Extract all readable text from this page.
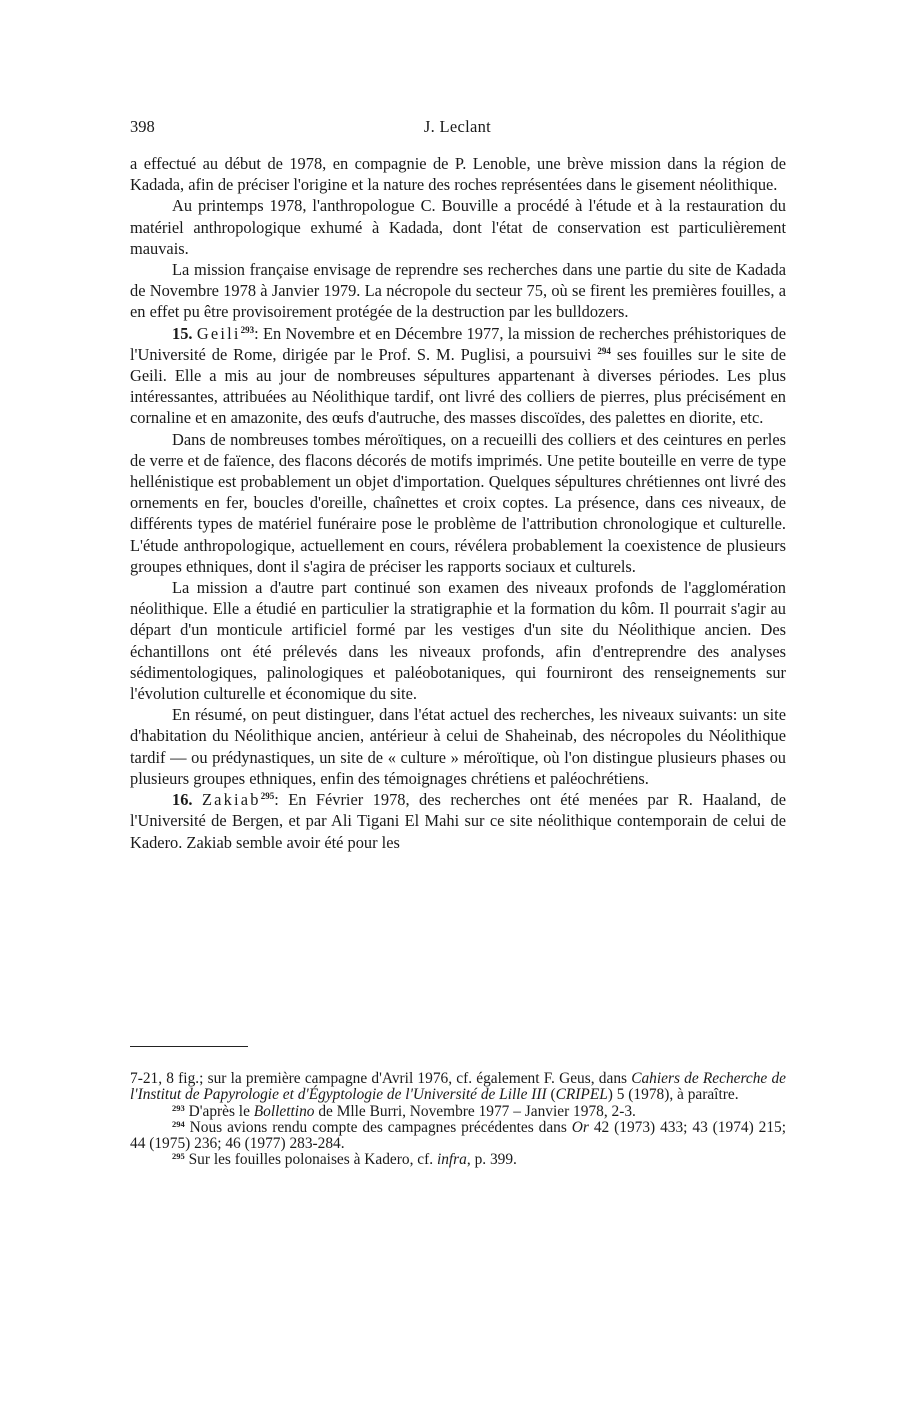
398	J. Leclant

a effectué au début de 1978, en compagnie de P. Lenoble, une brève mission dans la région de Kadada, afin de préciser l'origine et la nature des roches représentées dans le gisement néolithique.

Au printemps 1978, l'anthropologue C. Bouville a procédé à l'étude et à la restauration du matériel anthropologique exhumé à Kadada, dont l'état de conservation est particulièrement mauvais.

La mission française envisage de reprendre ses recherches dans une partie du site de Kadada de Novembre 1978 à Janvier 1979. La nécropole du secteur 75, où se firent les premières fouilles, a en effet pu être provisoirement protégée de la destruction par les bulldozers.

15. Geili$^{293}$: En Novembre et en Décembre 1977, la mission de recherches préhistoriques de l'Université de Rome, dirigée par le Prof. S. M. Puglisi, a poursuivi $^{294}$ ses fouilles sur le site de Geili. Elle a mis au jour de nombreuses sépultures appartenant à diverses périodes. Les plus intéressantes, attribuées au Néolithique tardif, ont livré des colliers de pierres, plus précisément en cornaline et en amazonite, des œufs d'autruche, des masses discoïdes, des palettes en diorite, etc.

Dans de nombreuses tombes méroïtiques, on a recueilli des colliers et des ceintures en perles de verre et de faïence, des flacons décorés de motifs imprimés. Une petite bouteille en verre de type hellénistique est probablement un objet d'importation. Quelques sépultures chrétiennes ont livré des ornements en fer, boucles d'oreille, chaînettes et croix coptes. La présence, dans ces niveaux, de différents types de matériel funéraire pose le problème de l'attribution chronologique et culturelle. L'étude anthropologique, actuellement en cours, révélera probablement la coexistence de plusieurs groupes ethniques, dont il s'agira de préciser les rapports sociaux et culturels.

La mission a d'autre part continué son examen des niveaux profonds de l'agglomération néolithique. Elle a étudié en particulier la stratigraphie et la formation du kôm. Il pourrait s'agir au départ d'un monticule artificiel formé par les vestiges d'un site du Néolithique ancien. Des échantillons ont été prélevés dans les niveaux profonds, afin d'entreprendre des analyses sédimentologiques, palinologiques et paléobotaniques, qui fourniront des renseignements sur l'évolution culturelle et économique du site.

En résumé, on peut distinguer, dans l'état actuel des recherches, les niveaux suivants: un site d'habitation du Néolithique ancien, antérieur à celui de Shaheinab, des nécropoles du Néolithique tardif — ou prédynastiques, un site de « culture » méroïtique, où l'on distingue plusieurs phases ou plusieurs groupes ethniques, enfin des témoignages chrétiens et paléochrétiens.

16. Zakiab$^{295}$: En Février 1978, des recherches ont été menées par R. Haaland, de l'Université de Bergen, et par Ali Tigani El Mahi sur ce site néolithique contemporain de celui de Kadero. Zakiab semble avoir été pour les

7-21, 8 fig.; sur la première campagne d'Avril 1976, cf. également F. Geus, dans Cahiers de Recherche de l'Institut de Papyrologie et d'Égyptologie de l'Université de Lille III (CRIPEL) 5 (1978), à paraître.

$^{293}$ D'après le Bollettino de Mlle Burri, Novembre 1977 – Janvier 1978, 2-3.

$^{294}$ Nous avions rendu compte des campagnes précédentes dans Or 42 (1973) 433; 43 (1974) 215; 44 (1975) 236; 46 (1977) 283-284.

$^{295}$ Sur les fouilles polonaises à Kadero, cf. infra, p. 399.
